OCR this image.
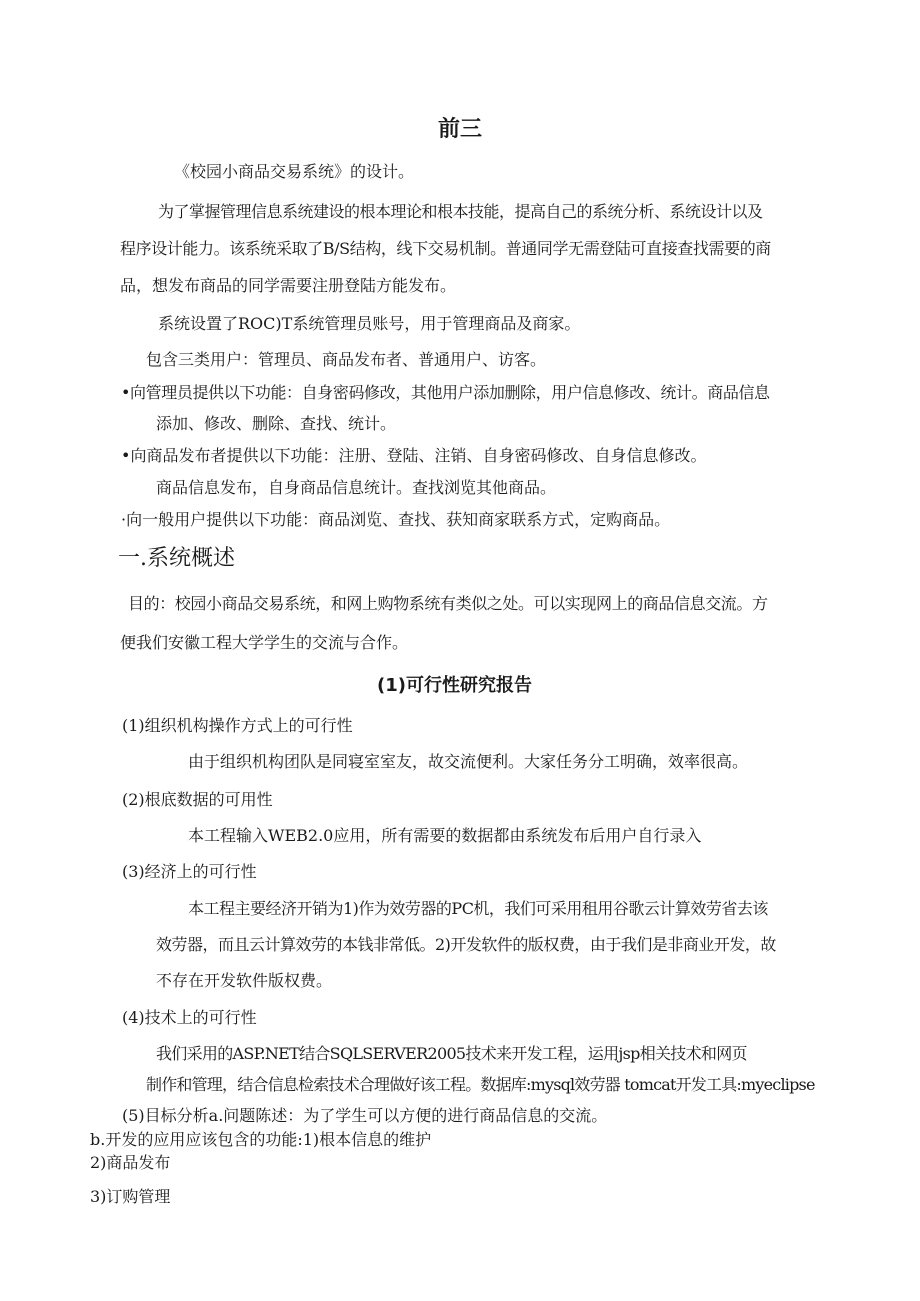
前三
《校园小商品交易系统》的设计。
为了掌握管理信息系统建设的根本理论和根本技能，提高自己的系统分析、系统设计以及
程序设计能力。该系统采取了B/S结构，线下交易机制。普通同学无需登陆可直接查找需要的商
品，想发布商品的同学需要注册登陆方能发布。
系统设置了ROC)T系统管理员账号，用于管理商品及商家。
包含三类用户：管理员、商品发布者、普通用户、访客。
•向管理员提供以下功能：自身密码修改，其他用户添加删除，用户信息修改、统计。商品信息
添加、修改、删除、查找、统计。
•向商品发布者提供以下功能：注册、登陆、注销、自身密码修改、自身信息修改。
商品信息发布，自身商品信息统计。查找浏览其他商品。
·向一般用户提供以下功能：商品浏览、查找、获知商家联系方式，定购商品。
一.系统概述
目的：校园小商品交易系统，和网上购物系统有类似之处。可以实现网上的商品信息交流。方
便我们安徽工程大学学生的交流与合作。
(1)可行性研究报告
(1)组织机构操作方式上的可行性
由于组织机构团队是同寝室室友，故交流便利。大家任务分工明确，效率很高。
(2)根底数据的可用性
本工程输入WEB2.0应用，所有需要的数据都由系统发布后用户自行录入
(3)经济上的可行性
本工程主要经济开销为1)作为效劳器的PC机，我们可采用租用谷歌云计算效劳省去该
效劳器，而且云计算效劳的本钱非常低。2)开发软件的版权费，由于我们是非商业开发，故
不存在开发软件版权费。
(4)技术上的可行性
我们采用的ASP.NET结合SQLSERVER2005技术来开发工程，运用jsp相关技术和网页
制作和管理，结合信息检索技术合理做好该工程。数据库:mysql效劳器 tomcat开发工具:myeclipse
(5)目标分析a.问题陈述：为了学生可以方便的进行商品信息的交流。
b.开发的应用应该包含的功能:1)根本信息的维护
2)商品发布
3)订购管理
